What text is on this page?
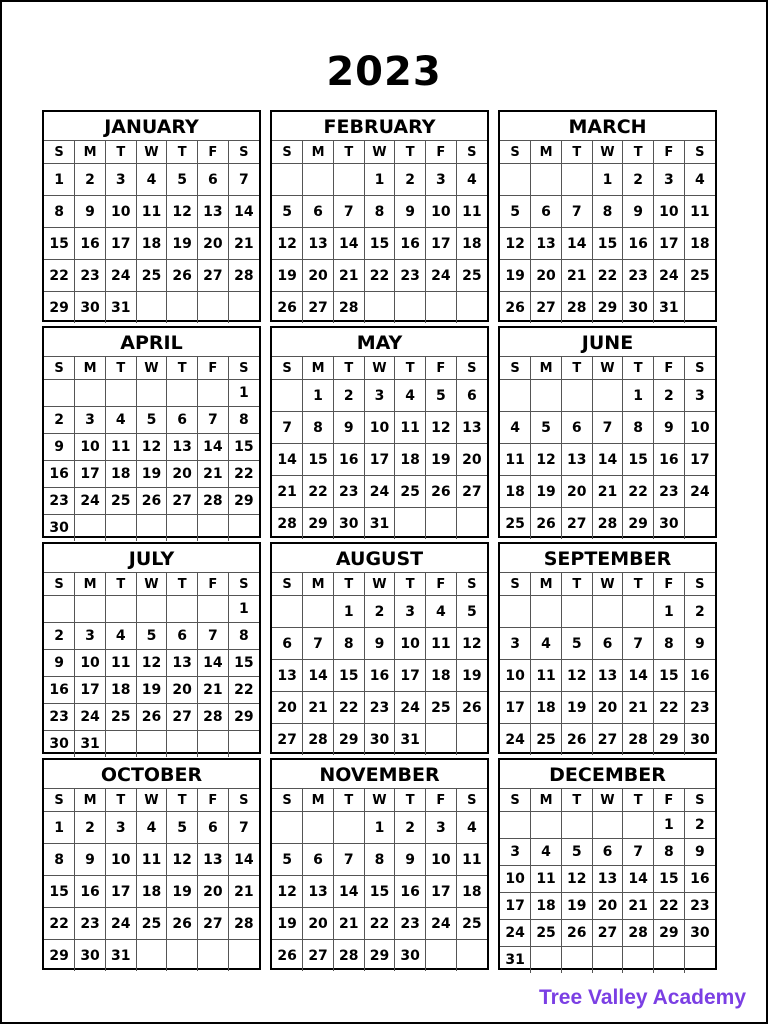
2023
JANUARY
S	M	T	W	T	F	S
1	2	3	4	5	6	7
8	9	10	11	12	13	14
15	16	17	18	19	20	21
22	23	24	25	26	27	28
29	30	31				
FEBRUARY
S	M	T	W	T	F	S
			1	2	3	4
5	6	7	8	9	10	11
12	13	14	15	16	17	18
19	20	21	22	23	24	25
26	27	28				
MARCH
S	M	T	W	T	F	S
			1	2	3	4
5	6	7	8	9	10	11
12	13	14	15	16	17	18
19	20	21	22	23	24	25
26	27	28	29	30	31	
APRIL
S	M	T	W	T	F	S
						1
2	3	4	5	6	7	8
9	10	11	12	13	14	15
16	17	18	19	20	21	22
23	24	25	26	27	28	29
30						
MAY
S	M	T	W	T	F	S
	1	2	3	4	5	6
7	8	9	10	11	12	13
14	15	16	17	18	19	20
21	22	23	24	25	26	27
28	29	30	31			
JUNE
S	M	T	W	T	F	S
				1	2	3
4	5	6	7	8	9	10
11	12	13	14	15	16	17
18	19	20	21	22	23	24
25	26	27	28	29	30	
JULY
S	M	T	W	T	F	S
						1
2	3	4	5	6	7	8
9	10	11	12	13	14	15
16	17	18	19	20	21	22
23	24	25	26	27	28	29
30	31					
AUGUST
S	M	T	W	T	F	S
		1	2	3	4	5
6	7	8	9	10	11	12
13	14	15	16	17	18	19
20	21	22	23	24	25	26
27	28	29	30	31		
SEPTEMBER
S	M	T	W	T	F	S
					1	2
3	4	5	6	7	8	9
10	11	12	13	14	15	16
17	18	19	20	21	22	23
24	25	26	27	28	29	30
OCTOBER
S	M	T	W	T	F	S
1	2	3	4	5	6	7
8	9	10	11	12	13	14
15	16	17	18	19	20	21
22	23	24	25	26	27	28
29	30	31				
NOVEMBER
S	M	T	W	T	F	S
			1	2	3	4
5	6	7	8	9	10	11
12	13	14	15	16	17	18
19	20	21	22	23	24	25
26	27	28	29	30		
DECEMBER
S	M	T	W	T	F	S
					1	2
3	4	5	6	7	8	9
10	11	12	13	14	15	16
17	18	19	20	21	22	23
24	25	26	27	28	29	30
31						
Tree Valley Academy
